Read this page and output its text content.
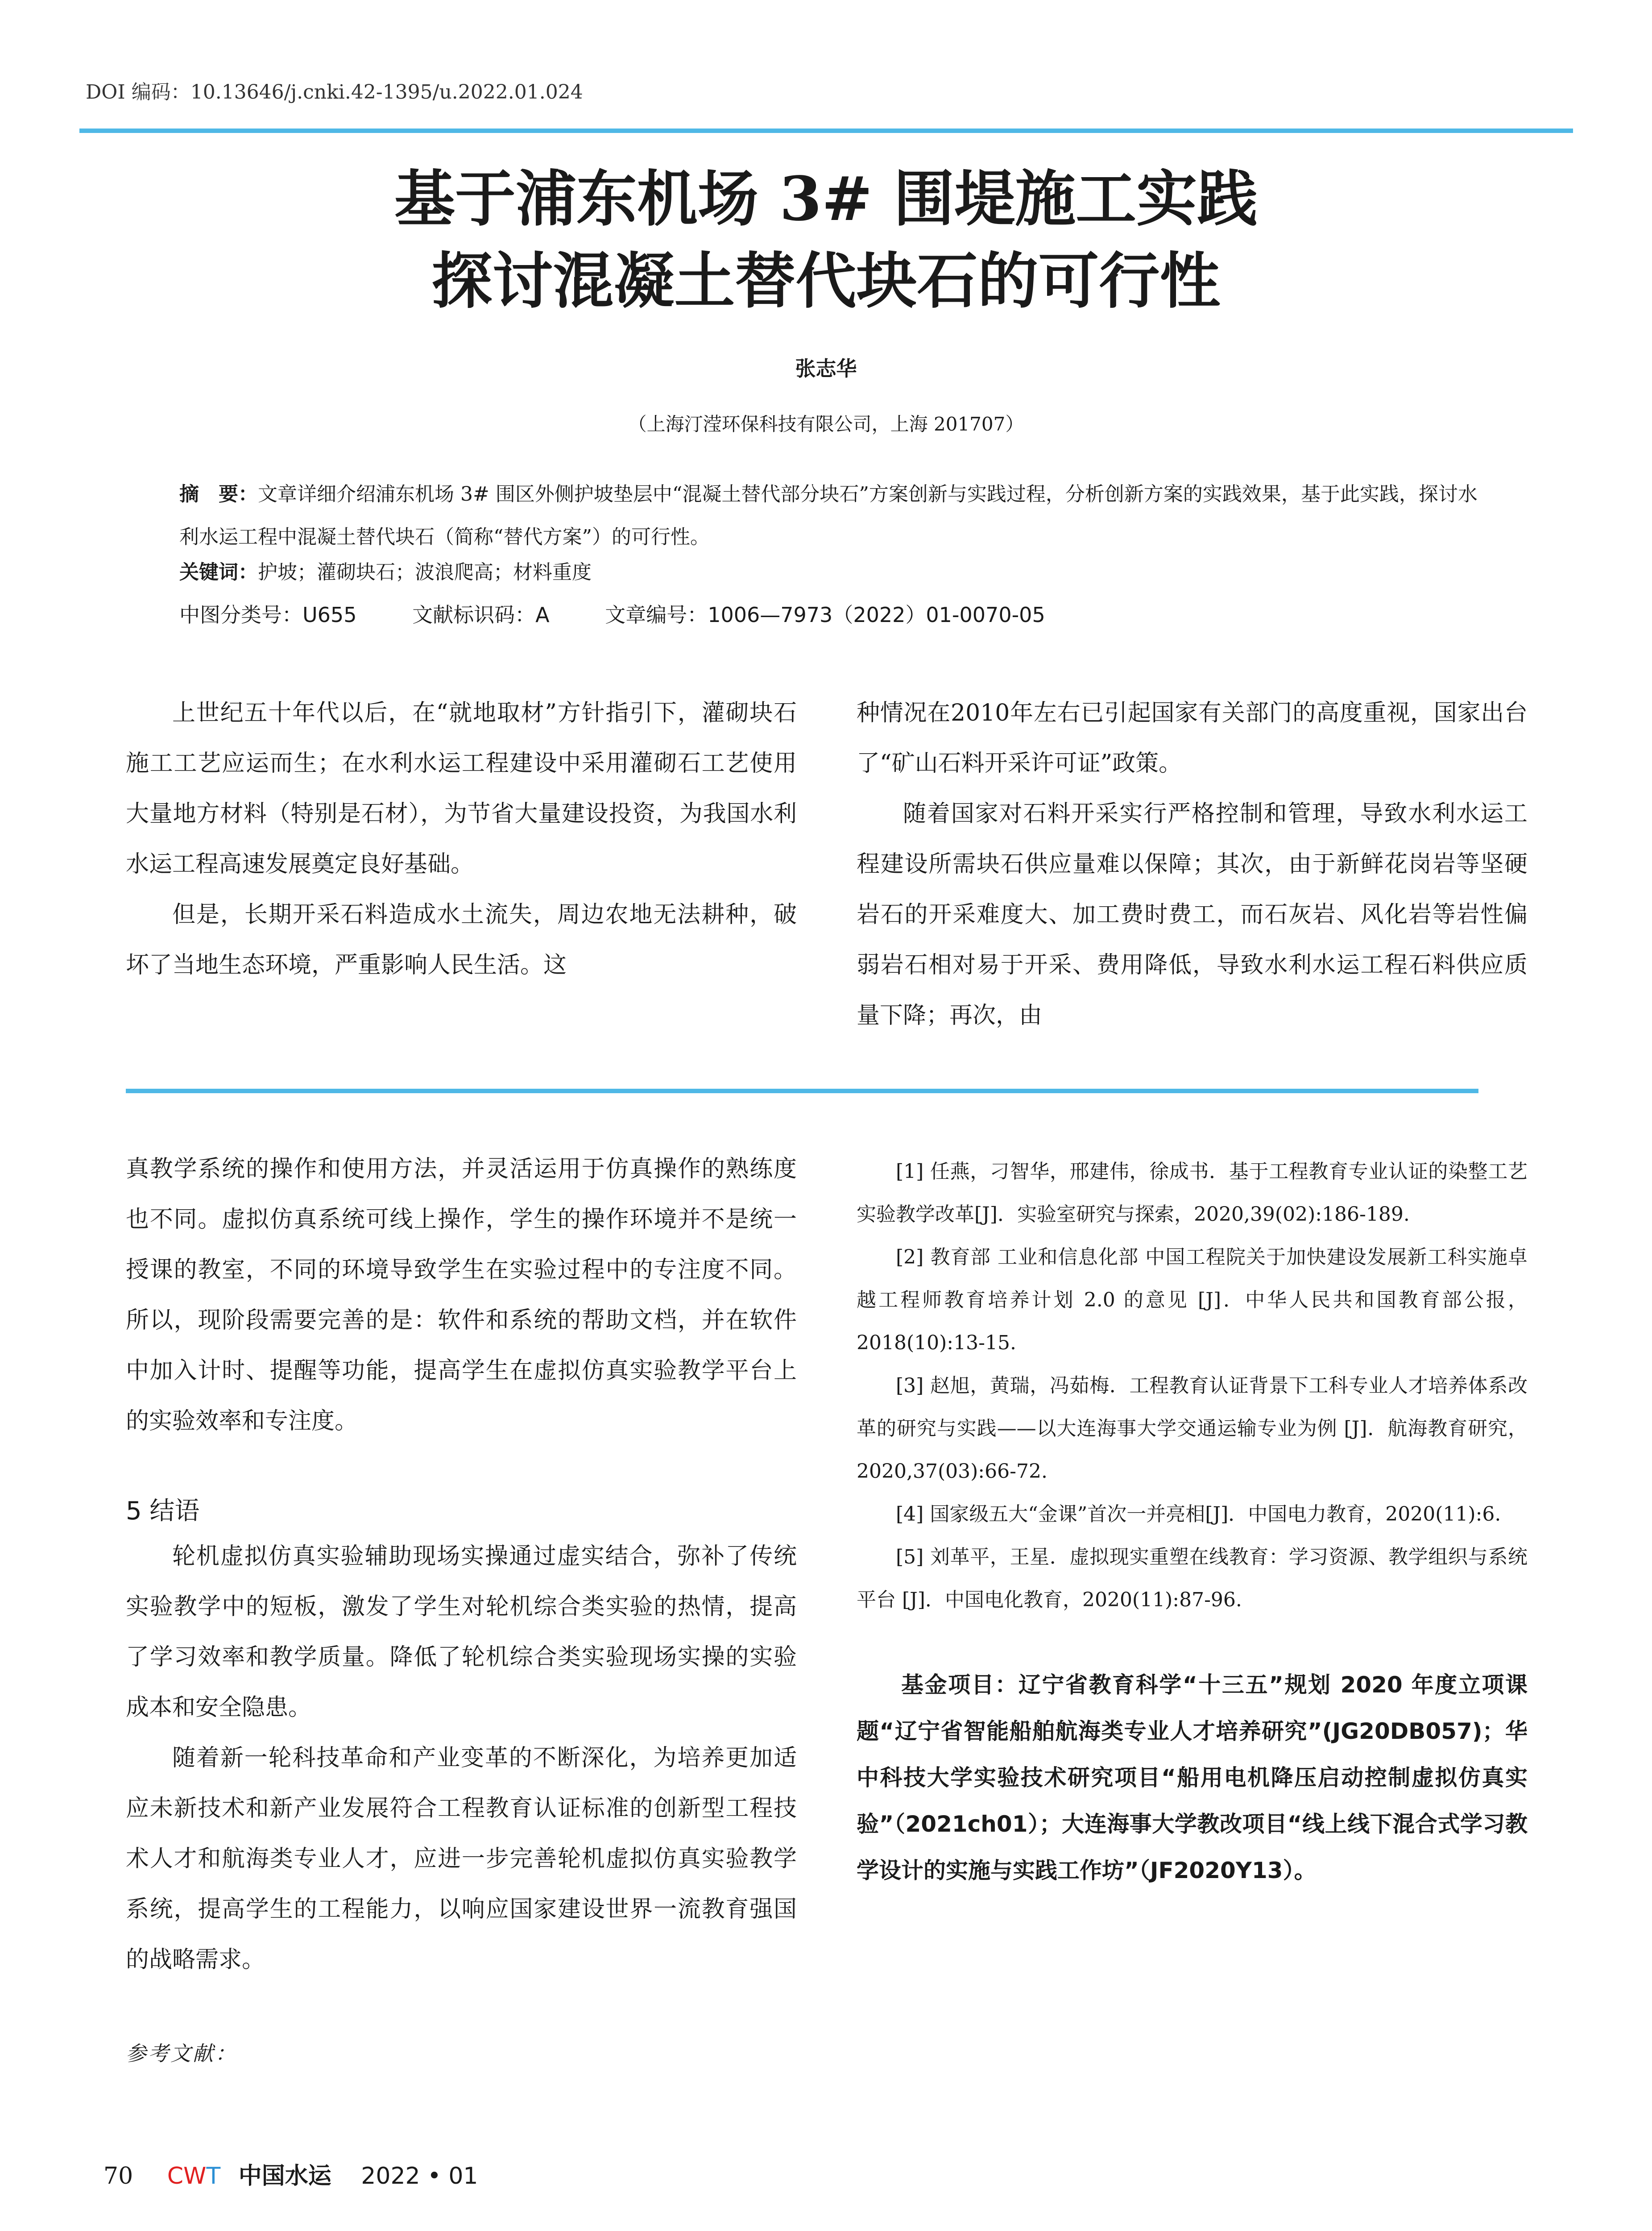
DOI 编码：10.13646/j.cnki.42-1395/u.2022.01.024
基于浦东机场 3# 围堤施工实践
探讨混凝土替代块石的可行性
张志华
（上海汀滢环保科技有限公司，上海 201707）
摘　要：文章详细介绍浦东机场 3# 围区外侧护坡垫层中“混凝土替代部分块石”方案创新与实践过程，分析创新方案的实践效果，基于此实践，探讨水利水运工程中混凝土替代块石（简称“替代方案”）的可行性。
关键词：护坡；灌砌块石；波浪爬高；材料重度
中图分类号：U655	文献标识码：A	文章编号：1006—7973（2022）01-0070-05

上世纪五十年代以后，在“就地取材”方针指引下，灌砌块石施工工艺应运而生；在水利水运工程建设中采用灌砌石工艺使用大量地方材料（特别是石材），为节省大量建设投资，为我国水利水运工程高速发展奠定良好基础。

但是，长期开采石料造成水土流失，周边农地无法耕种，破坏了当地生态环境，严重影响人民生活。这

种情况在2010年左右已引起国家有关部门的高度重视，国家出台了“矿山石料开采许可证”政策。

随着国家对石料开采实行严格控制和管理，导致水利水运工程建设所需块石供应量难以保障；其次，由于新鲜花岗岩等坚硬岩石的开采难度大、加工费时费工，而石灰岩、风化岩等岩性偏弱岩石相对易于开采、费用降低，导致水利水运工程石料供应质量下降；再次，由

真教学系统的操作和使用方法，并灵活运用于仿真操作的熟练度也不同。虚拟仿真系统可线上操作，学生的操作环境并不是统一授课的教室，不同的环境导致学生在实验过程中的专注度不同。所以，现阶段需要完善的是：软件和系统的帮助文档，并在软件中加入计时、提醒等功能，提高学生在虚拟仿真实验教学平台上的实验效率和专注度。

5 结语

轮机虚拟仿真实验辅助现场实操通过虚实结合，弥补了传统实验教学中的短板，激发了学生对轮机综合类实验的热情，提高了学习效率和教学质量。降低了轮机综合类实验现场实操的实验成本和安全隐患。

随着新一轮科技革命和产业变革的不断深化，为培养更加适应未新技术和新产业发展符合工程教育认证标准的创新型工程技术人才和航海类专业人才，应进一步完善轮机虚拟仿真实验教学系统，提高学生的工程能力，以响应国家建设世界一流教育强国的战略需求。

参考文献：

[1] 任燕，刁智华，邢建伟，徐成书．基于工程教育专业认证的染整工艺实验教学改革[J]．实验室研究与探索，2020,39(02):186-189.

[2] 教育部 工业和信息化部 中国工程院关于加快建设发展新工科实施卓越工程师教育培养计划 2.0 的意见 [J]．中华人民共和国教育部公报，2018(10):13-15.

[3] 赵旭，黄瑞，冯茹梅．工程教育认证背景下工科专业人才培养体系改革的研究与实践——以大连海事大学交通运输专业为例 [J]．航海教育研究，2020,37(03):66-72.

[4] 国家级五大“金课”首次一并亮相[J]．中国电力教育，2020(11):6.

[5] 刘革平，王星．虚拟现实重塑在线教育：学习资源、教学组织与系统平台 [J]．中国电化教育，2020(11):87-96.

基金项目：辽宁省教育科学“十三五”规划 2020 年度立项课题“辽宁省智能船舶航海类专业人才培养研究”(JG20DB057)；华中科技大学实验技术研究项目“船用电机降压启动控制虚拟仿真实验”（2021ch01）；大连海事大学教改项目“线上线下混合式学习教学设计的实施与实践工作坊”（JF2020Y13）。
70 CWT 中国水运 2022 • 01
